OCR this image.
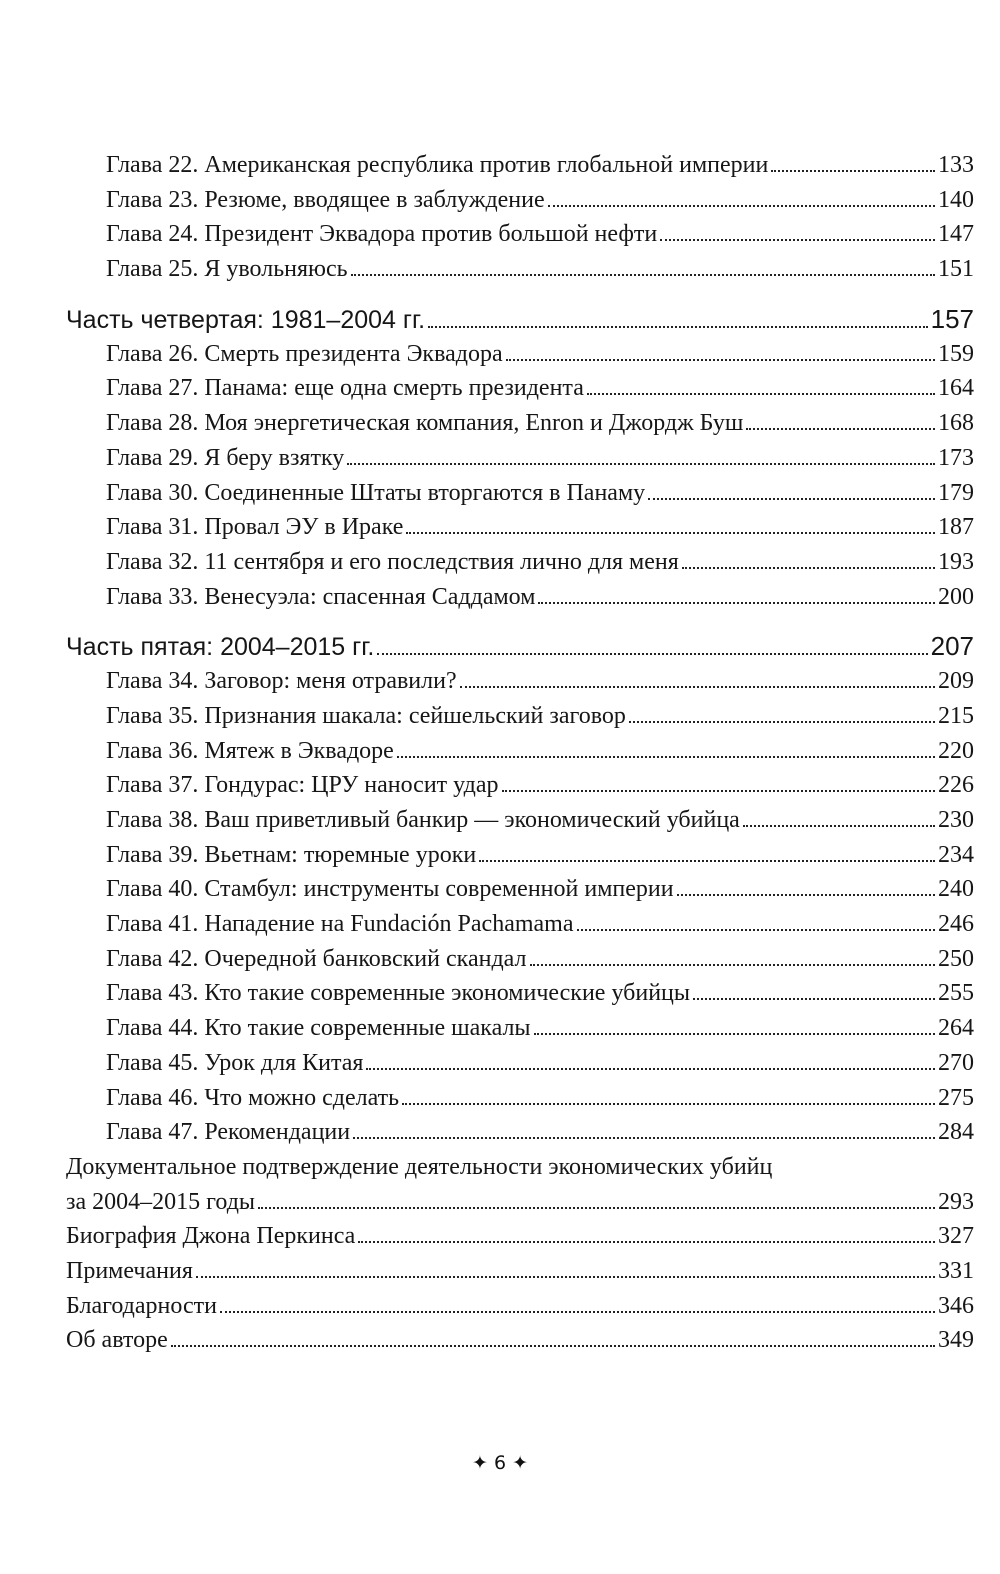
Глава 22. Американская республика против глобальной империи	133
Глава 23. Резюме, вводящее в заблуждение	140
Глава 24. Президент Эквадора против большой нефти	147
Глава 25. Я увольняюсь	151
Часть четвертая: 1981–2004 гг.	157
Глава 26. Смерть президента Эквадора	159
Глава 27. Панама: еще одна смерть президента	164
Глава 28. Моя энергетическая компания, Enron и Джордж Буш	168
Глава 29. Я беру взятку	173
Глава 30. Соединенные Штаты вторгаются в Панаму	179
Глава 31. Провал ЭУ в Ираке	187
Глава 32. 11 сентября и его последствия лично для меня	193
Глава 33. Венесуэла: спасенная Саддамом	200
Часть пятая: 2004–2015 гг.	207
Глава 34. Заговор: меня отравили?	209
Глава 35. Признания шакала: сейшельский заговор	215
Глава 36. Мятеж в Эквадоре	220
Глава 37. Гондурас: ЦРУ наносит удар	226
Глава 38. Ваш приветливый банкир — экономический убийца	230
Глава 39. Вьетнам: тюремные уроки	234
Глава 40. Стамбул: инструменты современной империи	240
Глава 41. Нападение на Fundación Pachamama	246
Глава 42. Очередной банковский скандал	250
Глава 43. Кто такие современные экономические убийцы	255
Глава 44. Кто такие современные шакалы	264
Глава 45. Урок для Китая	270
Глава 46. Что можно сделать	275
Глава 47. Рекомендации	284
Документальное подтверждение деятельности экономических убийц
за 2004–2015 годы	293
Биография Джона Перкинса	327
Примечания	331
Благодарности	346
Об авторе	349
✦ 6 ✦
